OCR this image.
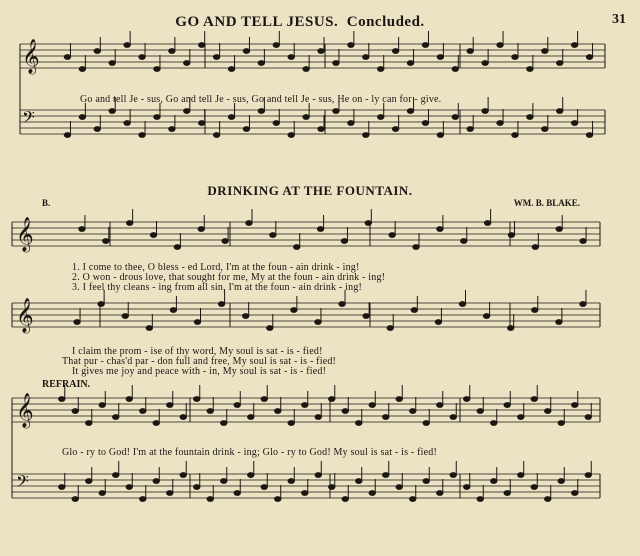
GO AND TELL JESUS. Concluded.	31
𝄞
𝄢
𝄞
𝄞
𝄞
𝄢
Go and tell Je - sus, Go and tell Je - sus, Go and tell Je - sus, He on - ly can for - give.
DRINKING AT THE FOUNTAIN.
B.	WM. B. BLAKE.
1. I come to thee, O bless - ed Lord, I'm at the foun - ain drink - ing!
2. O won - drous love, that sought for me, My at the foun - ain drink - ing!
3. I feel thy cleans - ing from all sin, I'm at the foun - ain drink - ing!
I claim the prom - ise of thy word, My soul is sat - is - fied!
That pur - chas'd par - don full and free, My soul is sat - is - fied!
It gives me joy and peace with - in, My soul is sat - is - fied!
REFRAIN.
Glo - ry to God! I'm at the fountain drink - ing; Glo - ry to God! My soul is sat - is - fied!
